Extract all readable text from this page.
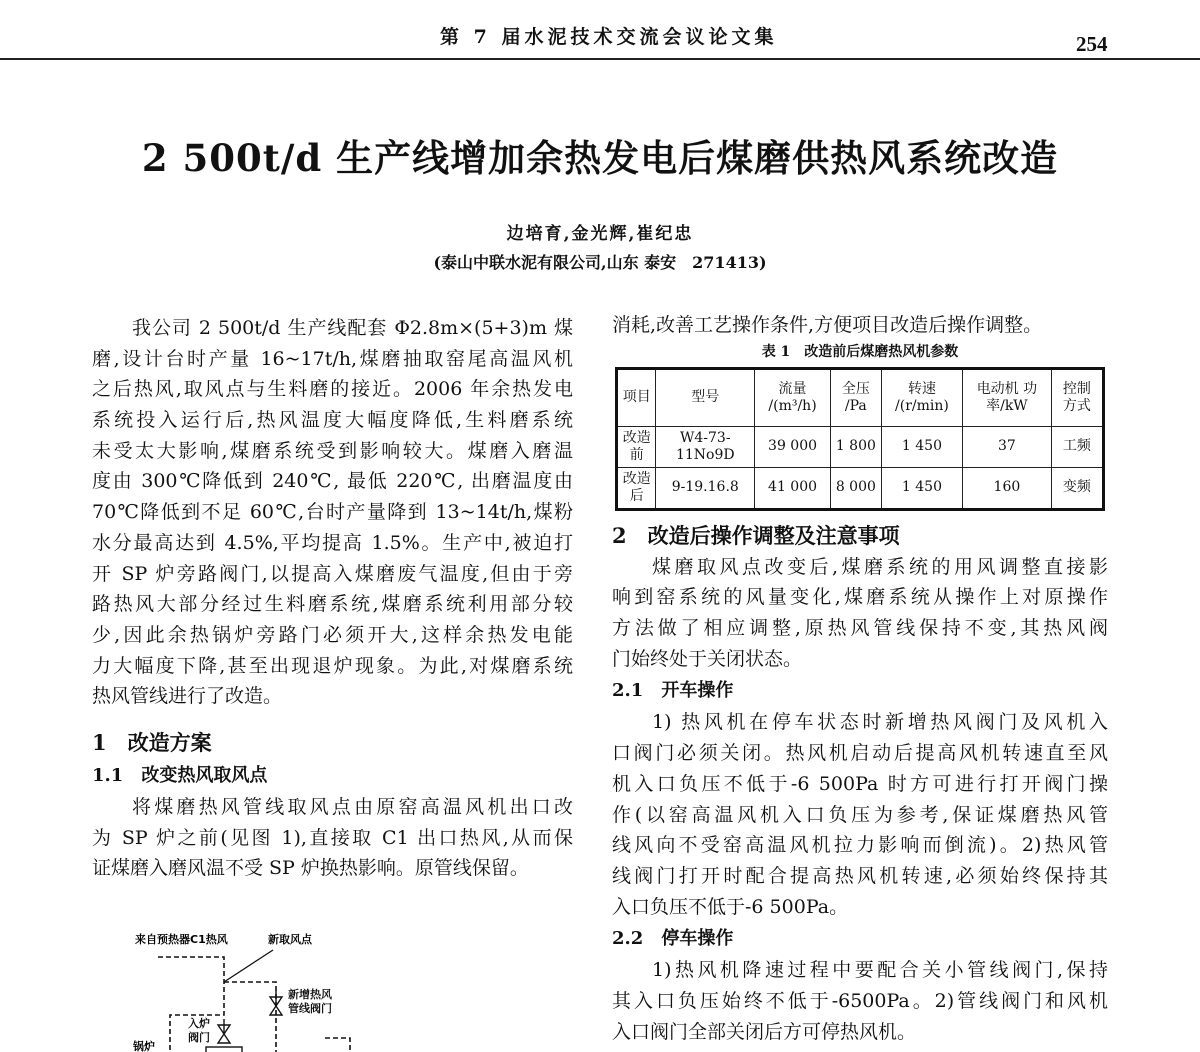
第 7 届水泥技术交流会议论文集	254
2 500t/d 生产线增加余热发电后煤磨供热风系统改造
边培育,金光辉,崔纪忠
(泰山中联水泥有限公司,山东 泰安　271413)
我公司 2 500t/d 生产线配套 Φ2.8m×(5+3)m 煤
磨,设计台时产量 16~17t/h,煤磨抽取窑尾高温风机
之后热风,取风点与生料磨的接近。2006 年余热发电
系统投入运行后,热风温度大幅度降低,生料磨系统
未受太大影响,煤磨系统受到影响较大。煤磨入磨温
度由 300℃降低到 240℃, 最低 220℃, 出磨温度由
70℃降低到不足 60℃,台时产量降到 13~14t/h,煤粉
水分最高达到 4.5%,平均提高 1.5%。生产中,被迫打
开 SP 炉旁路阀门,以提高入煤磨废气温度,但由于旁
路热风大部分经过生料磨系统,煤磨系统利用部分较
少,因此余热锅炉旁路门必须开大,这样余热发电能
力大幅度下降,甚至出现退炉现象。为此,对煤磨系统
热风管线进行了改造。
1　改造方案
1.1　改变热风取风点
将煤磨热风管线取风点由原窑高温风机出口改
为 SP 炉之前(见图 1),直接取 C1 出口热风,从而保
证煤磨入磨风温不受 SP 炉换热影响。原管线保留。
消耗,改善工艺操作条件,方便项目改造后操作调整。
表 1　改造前后煤磨热风机参数
项目	型号	流量 /(m³/h)	全压 /Pa	转速 /(r/min)	电动机 功率/kW	控制 方式
改造前	W4-73-11No9D	39 000	1 800	1 450	37	工频
改造后	9-19.16.8	41 000	8 000	1 450	160	变频
2　改造后操作调整及注意事项
煤磨取风点改变后,煤磨系统的用风调整直接影
响到窑系统的风量变化,煤磨系统从操作上对原操作
方法做了相应调整,原热风管线保持不变,其热风阀
门始终处于关闭状态。
2.1　开车操作
1) 热风机在停车状态时新增热风阀门及风机入
口阀门必须关闭。热风机启动后提高风机转速直至风
机入口负压不低于-6 500Pa 时方可进行打开阀门操
作(以窑高温风机入口负压为参考,保证煤磨热风管
线风向不受窑高温风机拉力影响而倒流)。2)热风管
线阀门打开时配合提高热风机转速,必须始终保持其
入口负压不低于-6 500Pa。
2.2　停车操作
1)热风机降速过程中要配合关小管线阀门,保持
其入口负压始终不低于-6500Pa。2)管线阀门和风机
入口阀门全部关闭后方可停热风机。
来自预热器C1热风	新取风点
新增热风管线阀门
入炉阀门
锅炉
